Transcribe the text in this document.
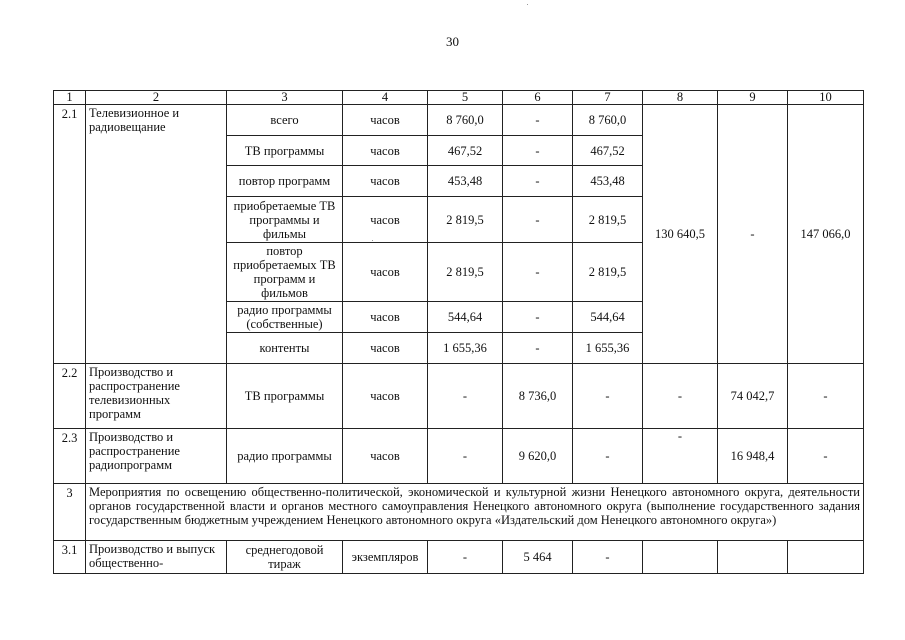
30
1	2	3	4	5	6	7	8	9	10
2.1	Телевизионное и радиовещание	всего	часов	8 760,0	-	8 760,0	130 640,5	-	147 066,0
		ТВ программы	часов	467,52	-	467,52			
		повтор программ	часов	453,48	-	453,48			
		приобретаемые ТВ программы и фильмы	часов	2 819,5	-	2 819,5			
		повтор приобретаемых ТВ программ и фильмов	часов	2 819,5	-	2 819,5			
		радио программы (собственные)	часов	544,64	-	544,64			
		контенты	часов	1 655,36	-	1 655,36			
2.2	Производство и распространение телевизионных программ	ТВ программы	часов	-	8 736,0	-	-	74 042,7	-
2.3	Производство и распространение радиопрограмм	радио программы	часов	-	9 620,0	-	-	16 948,4	-
3	Мероприятия по освещению общественно-политической, экономической и культурной жизни Ненецкого автономного округа, деятельности органов государственной власти и органов местного самоуправления Ненецкого автономного округа (выполнение государственного задания государственным бюджетным учреждением Ненецкого автономного округа «Издательский дом Ненецкого автономного округа»)								
3.1	Производство и выпуск общественно-	среднегодовой тираж	экземпляров	-	5 464	-			
